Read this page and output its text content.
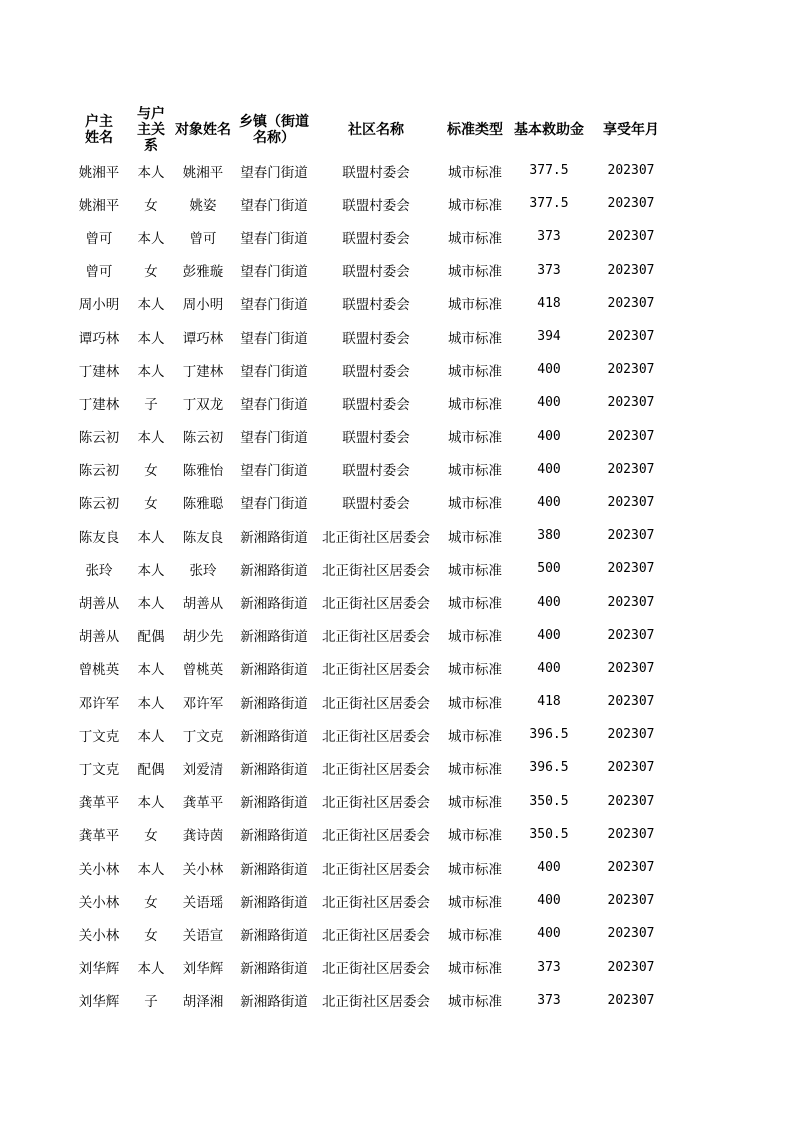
户主姓名	与户主关系	对象姓名	乡镇（街道名称）	社区名称	标准类型	基本救助金	享受年月
姚湘平	本人	姚湘平	望春门街道	联盟村委会	城市标准	377.5	202307
姚湘平	女	姚姿	望春门街道	联盟村委会	城市标准	377.5	202307
曾可	本人	曾可	望春门街道	联盟村委会	城市标准	373	202307
曾可	女	彭雅璇	望春门街道	联盟村委会	城市标准	373	202307
周小明	本人	周小明	望春门街道	联盟村委会	城市标准	418	202307
谭巧林	本人	谭巧林	望春门街道	联盟村委会	城市标准	394	202307
丁建林	本人	丁建林	望春门街道	联盟村委会	城市标准	400	202307
丁建林	子	丁双龙	望春门街道	联盟村委会	城市标准	400	202307
陈云初	本人	陈云初	望春门街道	联盟村委会	城市标准	400	202307
陈云初	女	陈雅怡	望春门街道	联盟村委会	城市标准	400	202307
陈云初	女	陈雅聪	望春门街道	联盟村委会	城市标准	400	202307
陈友良	本人	陈友良	新湘路街道	北正街社区居委会	城市标准	380	202307
张玲	本人	张玲	新湘路街道	北正街社区居委会	城市标准	500	202307
胡善从	本人	胡善从	新湘路街道	北正街社区居委会	城市标准	400	202307
胡善从	配偶	胡少先	新湘路街道	北正街社区居委会	城市标准	400	202307
曾桃英	本人	曾桃英	新湘路街道	北正街社区居委会	城市标准	400	202307
邓许军	本人	邓许军	新湘路街道	北正街社区居委会	城市标准	418	202307
丁文克	本人	丁文克	新湘路街道	北正街社区居委会	城市标准	396.5	202307
丁文克	配偶	刘爱清	新湘路街道	北正街社区居委会	城市标准	396.5	202307
龚革平	本人	龚革平	新湘路街道	北正街社区居委会	城市标准	350.5	202307
龚革平	女	龚诗茵	新湘路街道	北正街社区居委会	城市标准	350.5	202307
关小林	本人	关小林	新湘路街道	北正街社区居委会	城市标准	400	202307
关小林	女	关语瑶	新湘路街道	北正街社区居委会	城市标准	400	202307
关小林	女	关语宣	新湘路街道	北正街社区居委会	城市标准	400	202307
刘华辉	本人	刘华辉	新湘路街道	北正街社区居委会	城市标准	373	202307
刘华辉	子	胡泽湘	新湘路街道	北正街社区居委会	城市标准	373	202307
